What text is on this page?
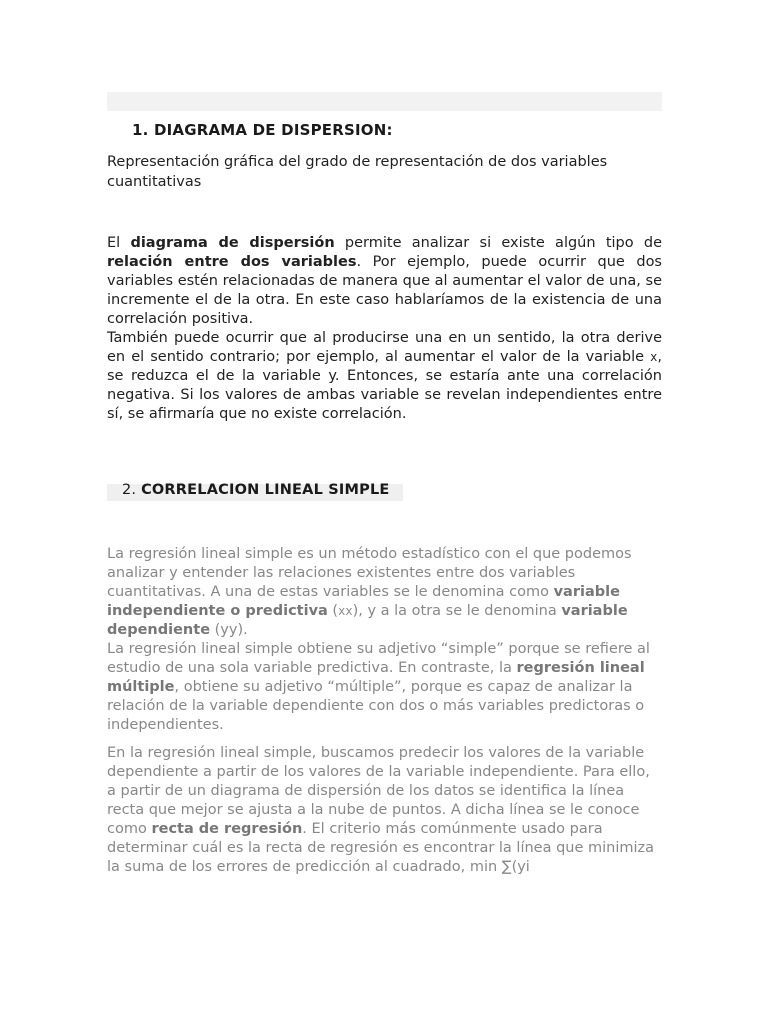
1. DIAGRAMA DE DISPERSION:
Representación gráfica del grado de representación de dos variables cuantitativas

El diagrama de dispersión permite analizar si existe algún tipo de relación entre dos variables. Por ejemplo, puede ocurrir que dos variables estén relacionadas de manera que al aumentar el valor de una, se incremente el de la otra. En este caso hablaríamos de la existencia de una correlación positiva.

También puede ocurrir que al producirse una en un sentido, la otra derive en el sentido contrario; por ejemplo, al aumentar el valor de la variable x, se reduzca el de la variable y. Entonces, se estaría ante una correlación negativa. Si los valores de ambas variable se revelan independientes entre sí, se afirmaría que no existe correlación.

2. CORRELACION LINEAL SIMPLE

La regresión lineal simple es un método estadístico con el que podemos analizar y entender las relaciones existentes entre dos variables cuantitativas. A una de estas variables se le denomina como variable independiente o predictiva (xx), y a la otra se le denomina variable dependiente (yy).
La regresión lineal simple obtiene su adjetivo “simple” porque se refiere al estudio de una sola variable predictiva. En contraste, la regresión lineal múltiple, obtiene su adjetivo “múltiple”, porque es capaz de analizar la relación de la variable dependiente con dos o más variables predictoras o independientes.

En la regresión lineal simple, buscamos predecir los valores de la variable dependiente a partir de los valores de la variable independiente. Para ello, a partir de un diagrama de dispersión de los datos se identifica la línea recta que mejor se ajusta a la nube de puntos. A dicha línea se le conoce como recta de regresión. El criterio más comúnmente usado para determinar cuál es la recta de regresión es encontrar la línea que minimiza la suma de los errores de predicción al cuadrado, min ∑(yi
